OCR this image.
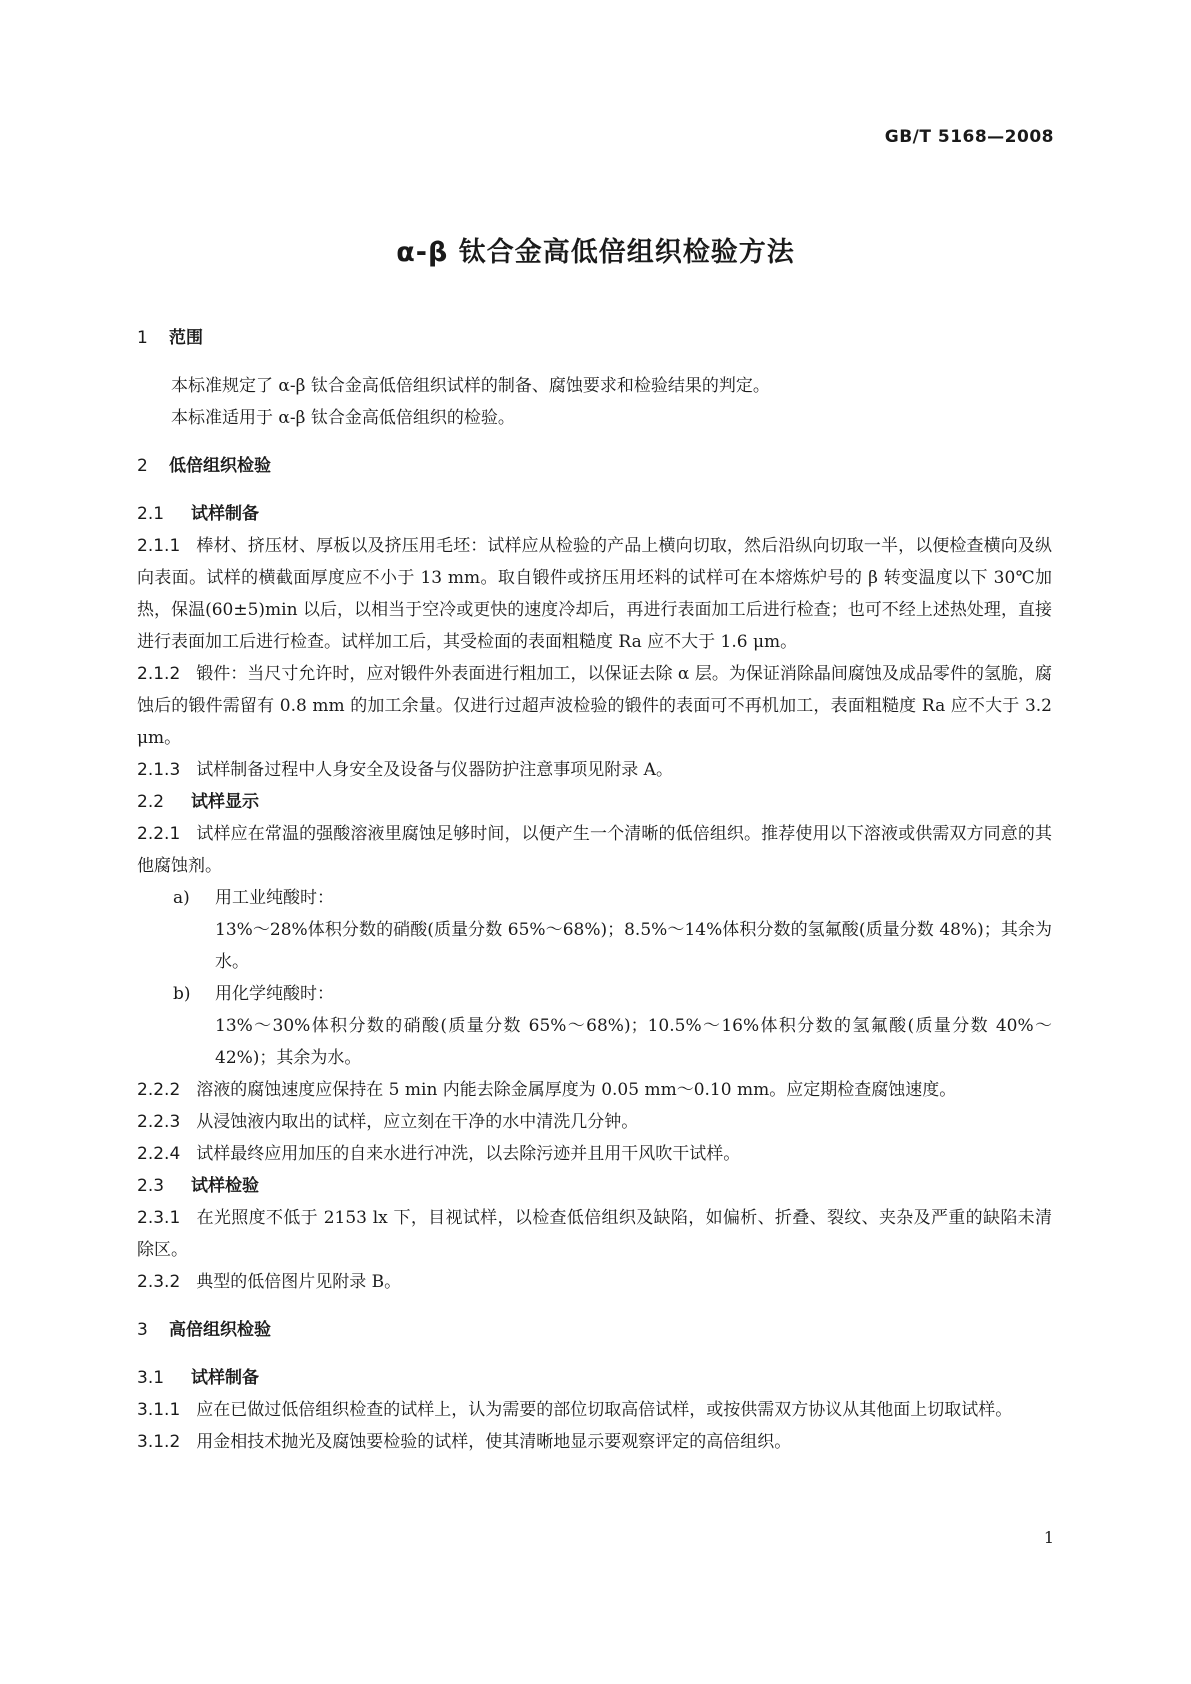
GB/T 5168—2008
α-β 钛合金高低倍组织检验方法
1 范围
本标准规定了 α-β 钛合金高低倍组织试样的制备、腐蚀要求和检验结果的判定。
本标准适用于 α-β 钛合金高低倍组织的检验。
2 低倍组织检验
2.1 试样制备
2.1.1 棒材、挤压材、厚板以及挤压用毛坯：试样应从检验的产品上横向切取，然后沿纵向切取一半，以便检查横向及纵向表面。试样的横截面厚度应不小于 13 mm。取自锻件或挤压用坯料的试样可在本熔炼炉号的 β 转变温度以下 30℃加热，保温(60±5)min 以后，以相当于空冷或更快的速度冷却后，再进行表面加工后进行检查；也可不经上述热处理，直接进行表面加工后进行检查。试样加工后，其受检面的表面粗糙度 Ra 应不大于 1.6 μm。
2.1.2 锻件：当尺寸允许时，应对锻件外表面进行粗加工，以保证去除 α 层。为保证消除晶间腐蚀及成品零件的氢脆，腐蚀后的锻件需留有 0.8 mm 的加工余量。仅进行过超声波检验的锻件的表面可不再机加工，表面粗糙度 Ra 应不大于 3.2 μm。
2.1.3 试样制备过程中人身安全及设备与仪器防护注意事项见附录 A。
2.2 试样显示
2.2.1 试样应在常温的强酸溶液里腐蚀足够时间，以便产生一个清晰的低倍组织。推荐使用以下溶液或供需双方同意的其他腐蚀剂。
a) 用工业纯酸时：
13%～28%体积分数的硝酸(质量分数 65%～68%)；8.5%～14%体积分数的氢氟酸(质量分数 48%)；其余为水。
b) 用化学纯酸时：
13%～30%体积分数的硝酸(质量分数 65%～68%)；10.5%～16%体积分数的氢氟酸(质量分数 40%～42%)；其余为水。
2.2.2 溶液的腐蚀速度应保持在 5 min 内能去除金属厚度为 0.05 mm～0.10 mm。应定期检查腐蚀速度。
2.2.3 从浸蚀液内取出的试样，应立刻在干净的水中清洗几分钟。
2.2.4 试样最终应用加压的自来水进行冲洗，以去除污迹并且用干风吹干试样。
2.3 试样检验
2.3.1 在光照度不低于 2153 lx 下，目视试样，以检查低倍组织及缺陷，如偏析、折叠、裂纹、夹杂及严重的缺陷未清除区。
2.3.2 典型的低倍图片见附录 B。
3 高倍组织检验
3.1 试样制备
3.1.1 应在已做过低倍组织检查的试样上，认为需要的部位切取高倍试样，或按供需双方协议从其他面上切取试样。
3.1.2 用金相技术抛光及腐蚀要检验的试样，使其清晰地显示要观察评定的高倍组织。
1
